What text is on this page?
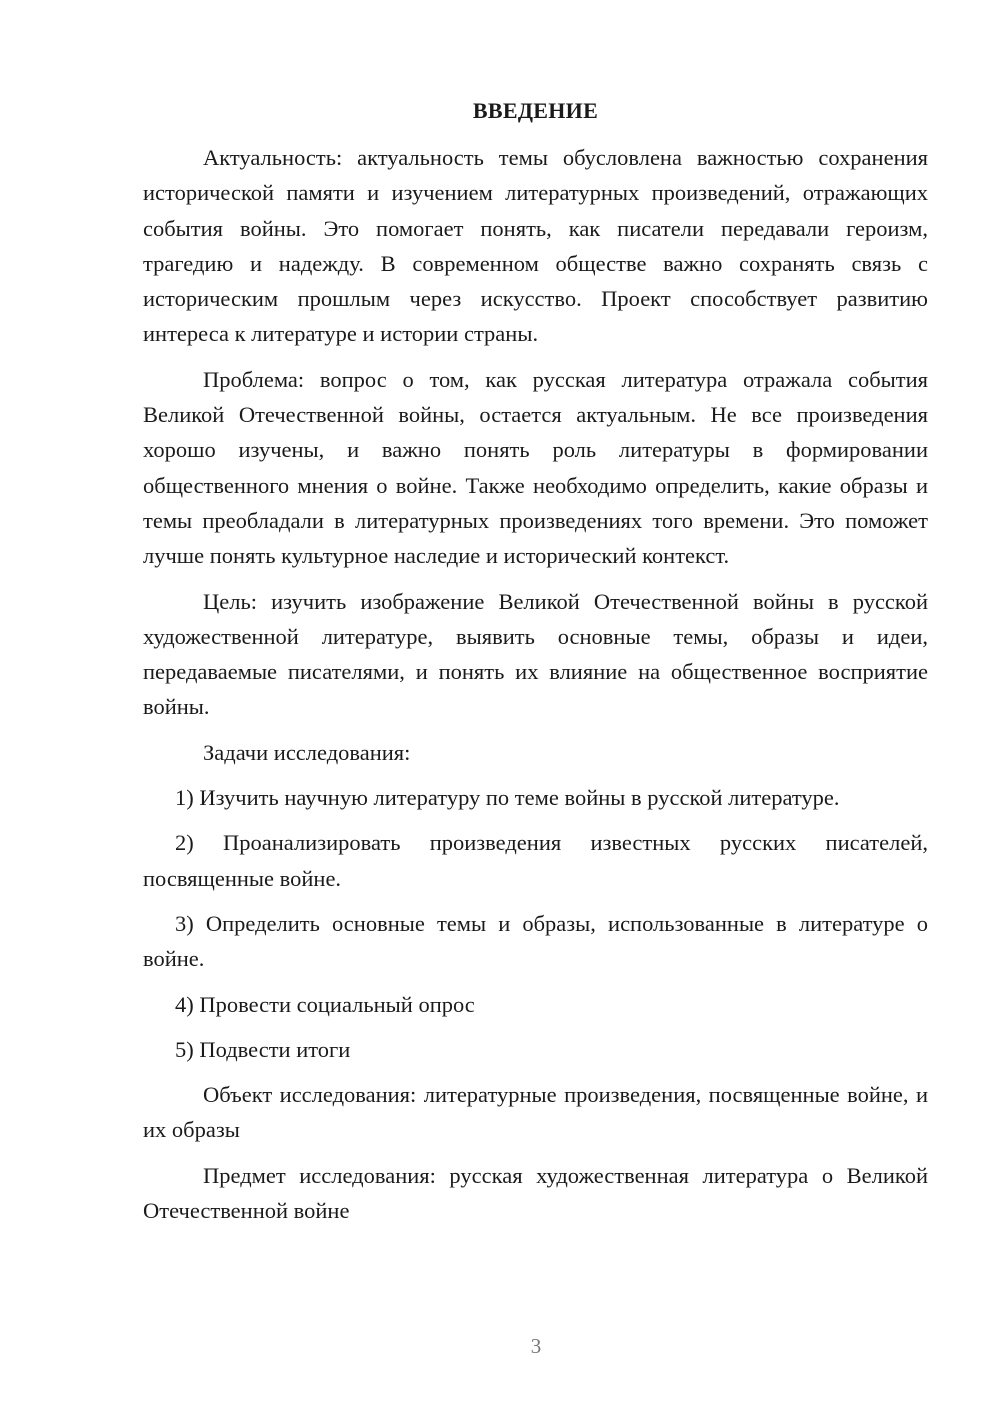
ВВЕДЕНИЕ

Актуальность: актуальность темы обусловлена важностью сохранения исторической памяти и изучением литературных произведений, отражающих события войны. Это помогает понять, как писатели передавали героизм, трагедию и надежду. В современном обществе важно сохранять связь с историческим прошлым через искусство. Проект способствует развитию интереса к литературе и истории страны.

Проблема: вопрос о том, как русская литература отражала события Великой Отечественной войны, остается актуальным. Не все произведения хорошо изучены, и важно понять роль литературы в формировании общественного мнения о войне. Также необходимо определить, какие образы и темы преобладали в литературных произведениях того времени. Это поможет лучше понять культурное наследие и исторический контекст.

Цель: изучить изображение Великой Отечественной войны в русской художественной литературе, выявить основные темы, образы и идеи, передаваемые писателями, и понять их влияние на общественное восприятие войны.

Задачи исследования:

1) Изучить научную литературу по теме войны в русской литературе.

2) Проанализировать произведения известных русских писателей, посвященные войне.

3) Определить основные темы и образы, использованные в литературе о войне.

4) Провести социальный опрос

5) Подвести итоги

Объект исследования: литературные произведения, посвященные войне, и их образы

Предмет исследования: русская художественная литература о Великой Отечественной войне

3
